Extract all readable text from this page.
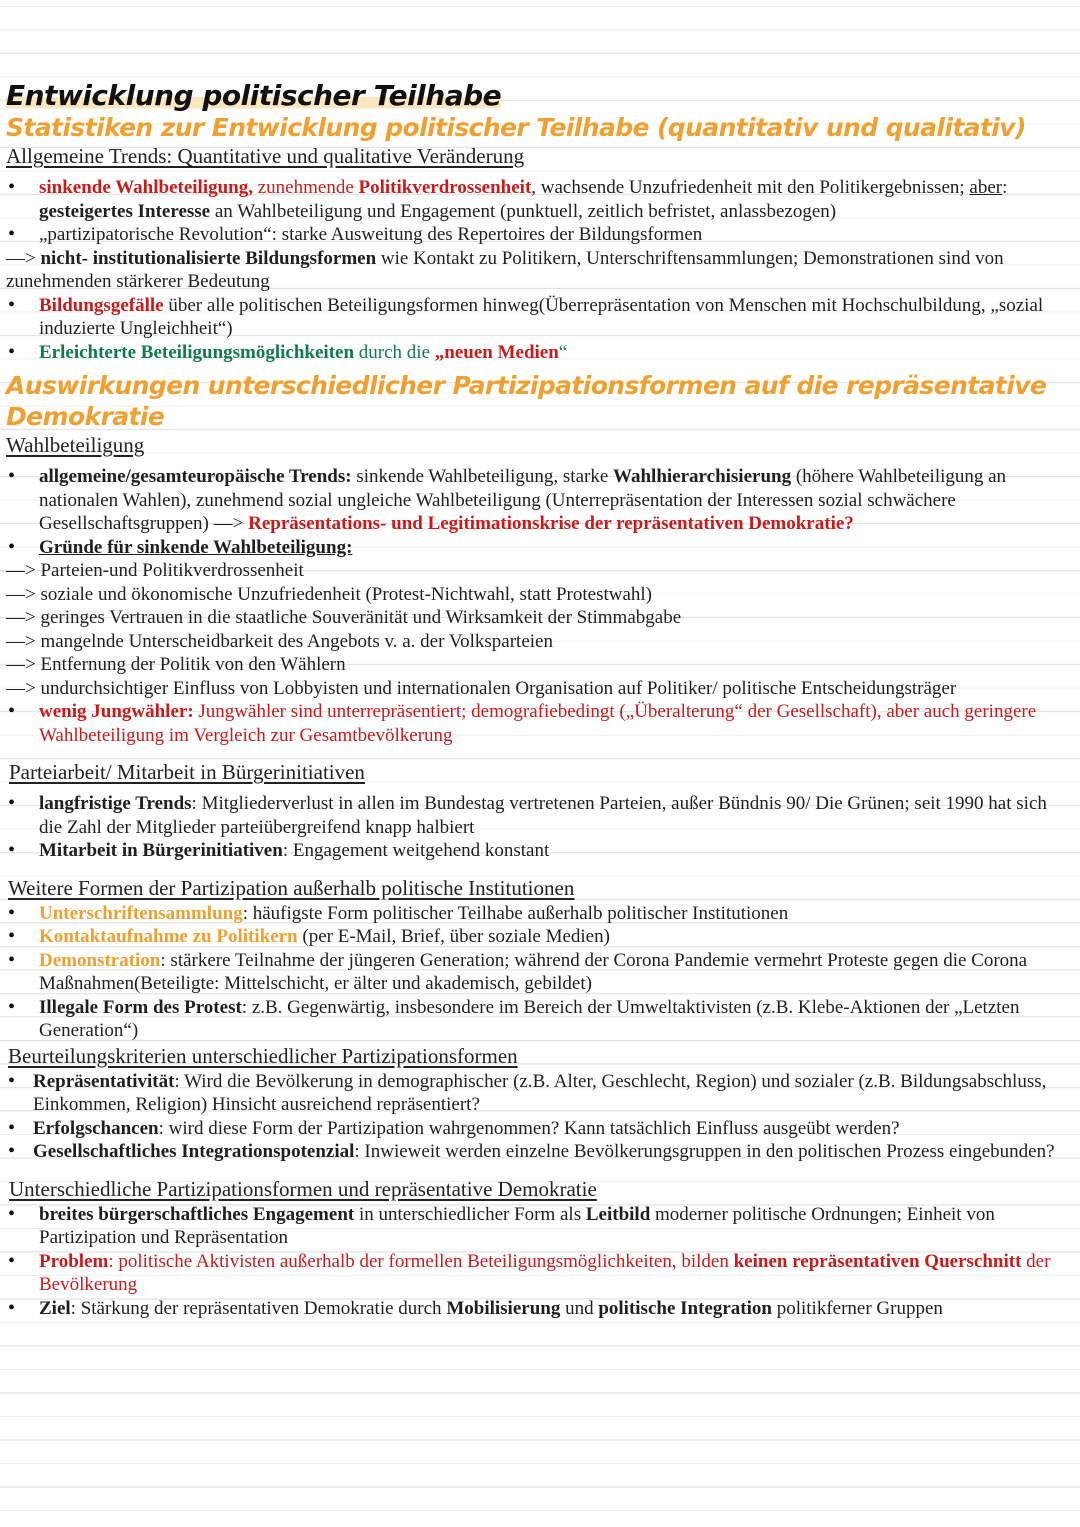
Entwicklung politischer Teilhabe
Statistiken zur Entwicklung politischer Teilhabe (quantitativ und qualitativ)
Allgemeine Trends: Quantitative und qualitative Veränderung
• sinkende Wahlbeteiligung, zunehmende Politikverdrossenheit, wachsende Unzufriedenheit mit den Politikergebnissen; aber: gesteigertes Interesse an Wahlbeteiligung und Engagement (punktuell, zeitlich befristet, anlassbezogen)
• „partizipatorische Revolution“: starke Ausweitung des Repertoires der Bildungsformen
—> nicht- institutionalisierte Bildungsformen wie Kontakt zu Politikern, Unterschriftensammlungen; Demonstrationen sind von zunehmenden stärkerer Bedeutung
• Bildungsgefälle über alle politischen Beteiligungsformen hinweg(Überrepräsentation von Menschen mit Hochschulbildung, „sozial induzierte Ungleichheit“)
• Erleichterte Beteiligungsmöglichkeiten durch die „neuen Medien“
Auswirkungen unterschiedlicher Partizipationsformen auf die repräsentative Demokratie
Wahlbeteiligung
• allgemeine/gesamteuropäische Trends: sinkende Wahlbeteiligung, starke Wahlhierarchisierung (höhere Wahlbeteiligung an nationalen Wahlen), zunehmend sozial ungleiche Wahlbeteiligung (Unterrepräsentation der Interessen sozial schwächere Gesellschaftsgruppen) —> Repräsentations- und Legitimationskrise der repräsentativen Demokratie?
• Gründe für sinkende Wahlbeteiligung:
—> Parteien-und Politikverdrossenheit
—> soziale und ökonomische Unzufriedenheit (Protest-Nichtwahl, statt Protestwahl)
—> geringes Vertrauen in die staatliche Souveränität und Wirksamkeit der Stimmabgabe
—> mangelnde Unterscheidbarkeit des Angebots v. a. der Volksparteien
—> Entfernung der Politik von den Wählern
—> undurchsichtiger Einfluss von Lobbyisten und internationalen Organisation auf Politiker/ politische Entscheidungsträger
• wenig Jungwähler: Jungwähler sind unterrepräsentiert; demografiebedingt („Überalterung“ der Gesellschaft), aber auch geringere Wahlbeteiligung im Vergleich zur Gesamtbevölkerung
Parteiarbeit/ Mitarbeit in Bürgerinitiativen
• langfristige Trends: Mitgliederverlust in allen im Bundestag vertretenen Parteien, außer Bündnis 90/ Die Grünen; seit 1990 hat sich die Zahl der Mitglieder parteiübergreifend knapp halbiert
• Mitarbeit in Bürgerinitiativen: Engagement weitgehend konstant
Weitere Formen der Partizipation außerhalb politische Institutionen
• Unterschriftensammlung: häufigste Form politischer Teilhabe außerhalb politischer Institutionen
• Kontaktaufnahme zu Politikern (per E-Mail, Brief, über soziale Medien)
• Demonstration: stärkere Teilnahme der jüngeren Generation; während der Corona Pandemie vermehrt Proteste gegen die Corona Maßnahmen(Beteiligte: Mittelschicht, er älter und akademisch, gebildet)
• Illegale Form des Protest: z.B. Gegenwärtig, insbesondere im Bereich der Umweltaktivisten (z.B. Klebe-Aktionen der „Letzten Generation“)
Beurteilungskriterien unterschiedlicher Partizipationsformen
• Repräsentativität: Wird die Bevölkerung in demographischer (z.B. Alter, Geschlecht, Region) und sozialer (z.B. Bildungsabschluss, Einkommen, Religion) Hinsicht ausreichend repräsentiert?
• Erfolgschancen: wird diese Form der Partizipation wahrgenommen? Kann tatsächlich Einfluss ausgeübt werden?
• Gesellschaftliches Integrationspotenzial: Inwieweit werden einzelne Bevölkerungsgruppen in den politischen Prozess eingebunden?
Unterschiedliche Partizipationsformen und repräsentative Demokratie
• breites bürgerschaftliches Engagement in unterschiedlicher Form als Leitbild moderner politische Ordnungen; Einheit von Partizipation und Repräsentation
• Problem: politische Aktivisten außerhalb der formellen Beteiligungsmöglichkeiten, bilden keinen repräsentativen Querschnitt der Bevölkerung
• Ziel: Stärkung der repräsentativen Demokratie durch Mobilisierung und politische Integration politikferner Gruppen
